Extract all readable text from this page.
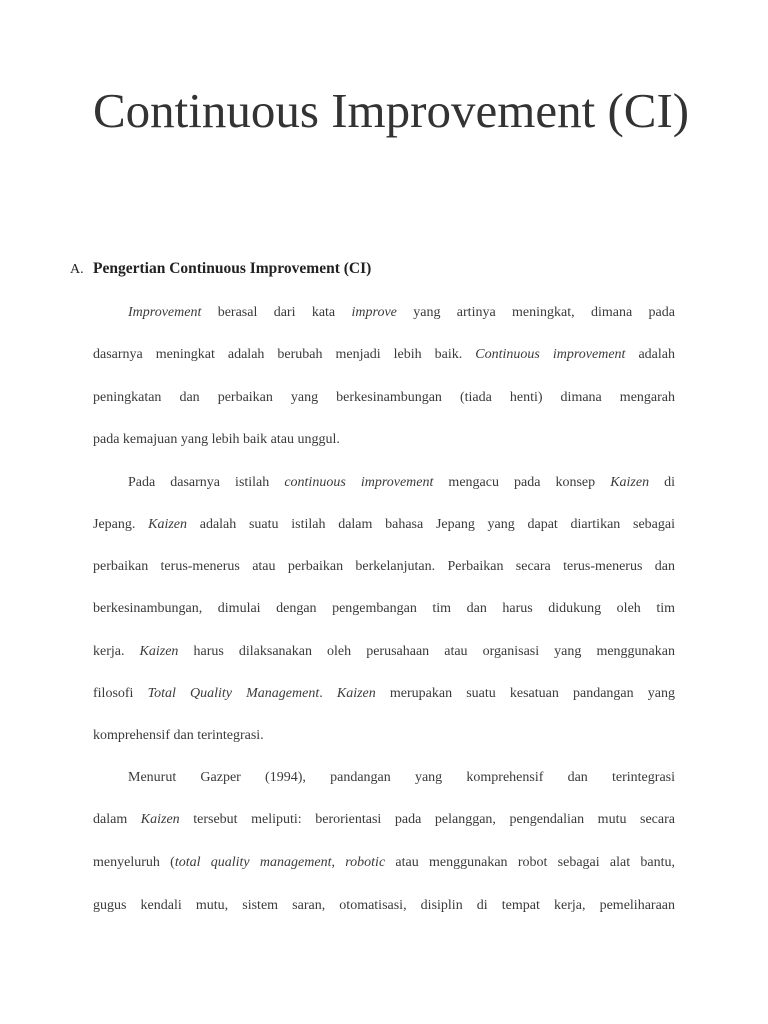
Continuous Improvement (CI)
A. Pengertian Continuous Improvement (CI)

Improvement berasal dari kata improve yang artinya meningkat, dimana pada

dasarnya meningkat adalah berubah menjadi lebih baik. Continuous improvement adalah

peningkatan dan perbaikan yang berkesinambungan (tiada henti) dimana mengarah

pada kemajuan yang lebih baik atau unggul.

Pada dasarnya istilah continuous improvement mengacu pada konsep Kaizen di

Jepang. Kaizen adalah suatu istilah dalam bahasa Jepang yang dapat diartikan sebagai

perbaikan terus-menerus atau perbaikan berkelanjutan. Perbaikan secara terus-menerus dan

berkesinambungan, dimulai dengan pengembangan tim dan harus didukung oleh tim

kerja. Kaizen harus dilaksanakan oleh perusahaan atau organisasi yang menggunakan

filosofi Total Quality Management. Kaizen merupakan suatu kesatuan pandangan yang

komprehensif dan terintegrasi.

Menurut Gazper (1994), pandangan yang komprehensif dan terintegrasi

dalam Kaizen tersebut meliputi: berorientasi pada pelanggan, pengendalian mutu secara

menyeluruh (total quality management, robotic atau menggunakan robot sebagai alat bantu,

gugus kendali mutu, sistem saran, otomatisasi, disiplin di tempat kerja, pemeliharaan
